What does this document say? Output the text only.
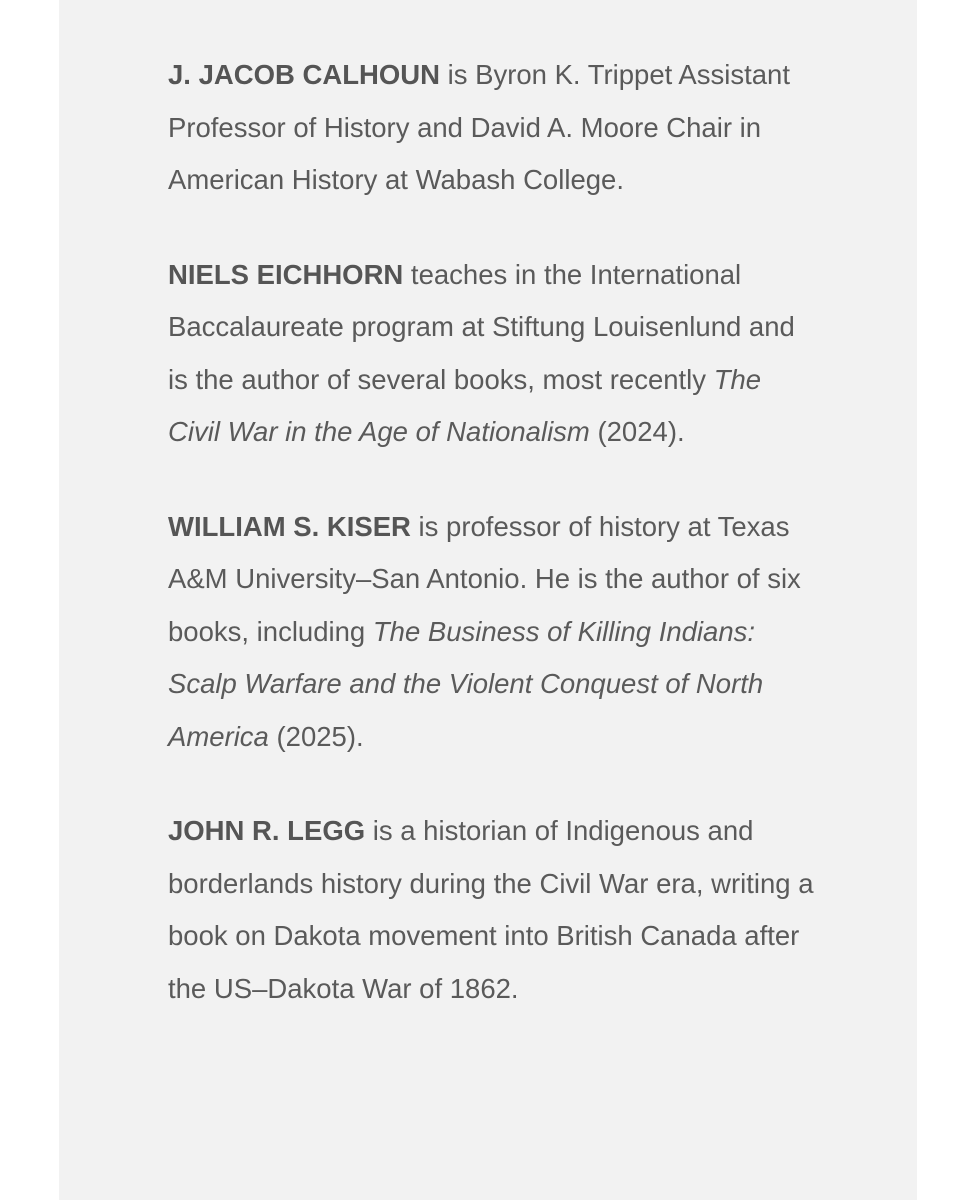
J. JACOB CALHOUN is Byron K. Trippet Assistant Professor of History and David A. Moore Chair in American History at Wabash College.

NIELS EICHHORN teaches in the International Baccalaureate program at Stiftung Louisenlund and is the author of several books, most recently The Civil War in the Age of Nationalism (2024).

WILLIAM S. KISER is professor of history at Texas A&M University–San Antonio. He is the author of six books, including The Business of Killing Indians: Scalp Warfare and the Violent Conquest of North America (2025).

JOHN R. LEGG is a historian of Indigenous and borderlands history during the Civil War era, writing a book on Dakota movement into British Canada after the US–Dakota War of 1862.
